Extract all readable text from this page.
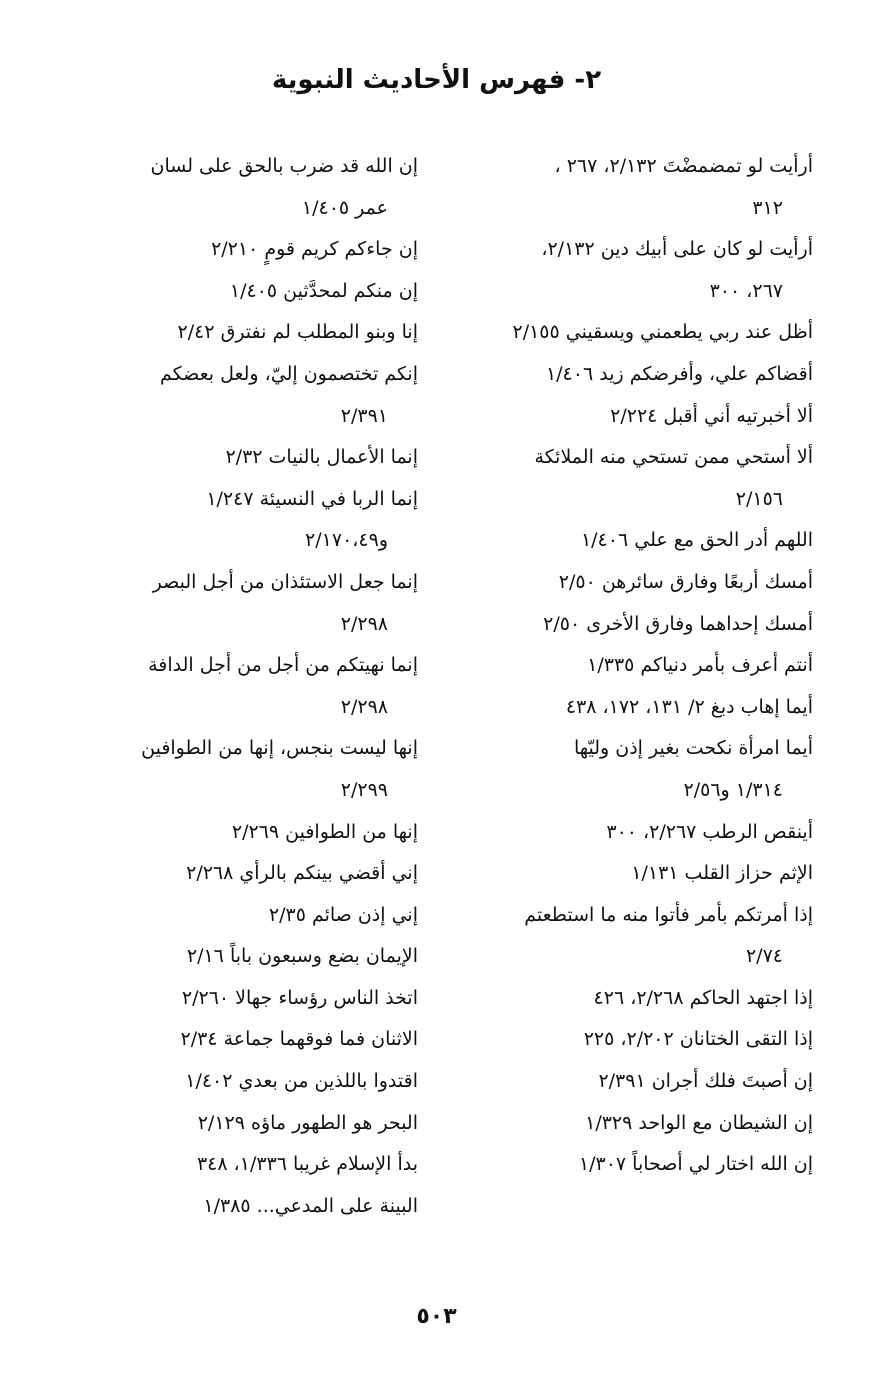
٢- فهرس الأحاديث النبوية

أرأيت لو تمضمضْتَ ٢/١٣٢، ٢٦٧ ،
٣١٢

أرأيت لو كان على أبيك دين ٢/١٣٢،
٢٦٧، ٣٠٠

أظل عند ربي يطعمني ويسقيني ٢/١٥٥

أقضاكم علي، وأفرضكم زيد ١/٤٠٦

ألا أخبرتيه أني أقبل ٢/٢٢٤

ألا أستحي ممن تستحي منه الملائكة
٢/١٥٦

اللهم أدر الحق مع علي ١/٤٠٦

أمسك أربعًا وفارق سائرهن ٢/٥٠

أمسك إحداهما وفارق الأخرى ٢/٥٠

أنتم أعرف بأمر دنياكم ١/٣٣٥

أيما إهاب دبغ ٢/ ١٣١، ١٧٢، ٤٣٨

أيما امرأة نكحت بغير إذن وليّها
١/٣١٤ و٢/٥٦

أينقص الرطب ٢/٢٦٧، ٣٠٠

الإثم حزاز القلب ١/١٣١

إذا أمرتكم بأمر فأتوا منه ما استطعتم
٢/٧٤

إذا اجتهد الحاكم ٢/٢٦٨، ٤٢٦

إذا التقى الختانان ٢/٢٠٢، ٢٢٥

إن أصبتَ فلك أجران ٢/٣٩١

إن الشيطان مع الواحد ١/٣٢٩

إن الله اختار لي أصحاباً ١/٣٠٧

إن الله قد ضرب بالحق على لسان
عمر ١/٤٠٥

إن جاءكم كريم قومٍ ٢/٢١٠

إن منكم لمحدَّثين ١/٤٠٥

إنا وبنو المطلب لم نفترق ٢/٤٢

إنكم تختصمون إليّ، ولعل بعضكم
٢/٣٩١

إنما الأعمال بالنيات ٢/٣٢

إنما الربا في النسيئة ١/٢٤٧
و٢/١٧٠،٤٩

إنما جعل الاستئذان من أجل البصر
٢/٢٩٨

إنما نهيتكم من أجل من أجل الدافة
٢/٢٩٨

إنها ليست بنجس، إنها من الطوافين
٢/٢٩٩

إنها من الطوافين ٢/٢٦٩

إني أقضي بينكم بالرأي ٢/٢٦٨

إني إذن صائم ٢/٣٥

الإيمان بضع وسبعون باباً ٢/١٦

اتخذ الناس رؤساء جهالا ٢/٢٦٠

الاثنان فما فوقهما جماعة ٢/٣٤

اقتدوا باللذين من بعدي ١/٤٠٢

البحر هو الطهور ماؤه ٢/١٢٩

بدأ الإسلام غريبا ١/٣٣٦، ٣٤٨

البينة على المدعي... ١/٣٨٥

٥٠٣
